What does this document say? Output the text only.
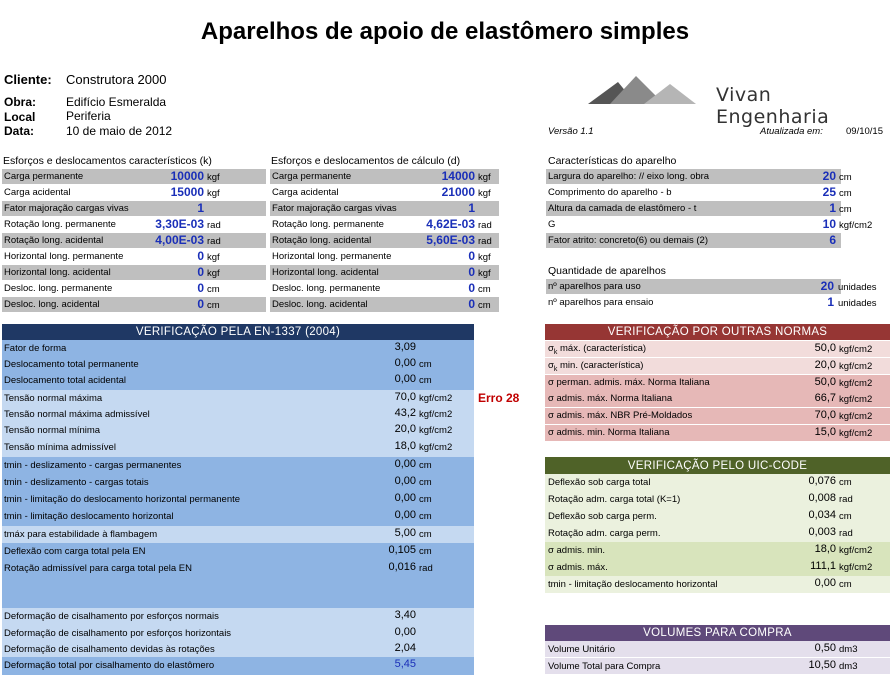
Aparelhos de apoio de elastômero simples
Cliente: Construtora 2000
Obra: Edifício Esmeralda
Local	Periferia
Data:	10 de maio de 2012
Vivan Engenharia
Versão 1.1	Atualizada em: 09/10/15
Esforços e deslocamentos característicos (k)	Esforços e deslocamentos de cálculo (d)	Características do aparelho
Quantidade de aparelhos
Carga permanente	10000 kgf
Carga acidental	15000 kgf
Fator majoração cargas vivas	1
Rotação long. permanente	3,30E-03 rad
Rotação long. acidental	4,00E-03 rad
Horizontal long. permanente	0 kgf
Horizontal long. acidental	0 kgf
Desloc. long. permanente	0 cm
Desloc. long. acidental	0 cm
Carga permanente	14000 kgf
Carga acidental	21000 kgf
Fator majoração cargas vivas	1
Rotação long. permanente	4,62E-03 rad
Rotação long. acidental	5,60E-03 rad
Horizontal long. permanente	0 kgf
Horizontal long. acidental	0 kgf
Desloc. long. permanente	0 cm
Desloc. long. acidental	0 cm
Largura do aparelho: // eixo long. obra	20 cm
Comprimento do aparelho - b	25 cm
Altura da camada de elastômero - t	1 cm
G	10 kgf/cm2
Fator atrito: concreto(6) ou demais (2)	6
nº aparelhos para uso	20 unidades
nº aparelhos para ensaio	1 unidades
VERIFICAÇÃO PELA EN-1337 (2004)
Fator de forma	3,09
Deslocamento total permanente	0,00 cm
Deslocamento total acidental	0,00 cm
Tensão normal máxima	70,0 kgf/cm2
Tensão normal máxima admissível	43,2 kgf/cm2
Tensão normal mínima	20,0 kgf/cm2
Tensão mínima admissível	18,0 kgf/cm2
tmin - deslizamento - cargas permanentes	0,00 cm
tmin - deslizamento - cargas totais	0,00 cm
tmin - limitação do deslocamento horizontal permanente	0,00 cm
tmin - limitação deslocamento horizontal	0,00 cm
tmáx para estabilidade à flambagem	5,00 cm
Deflexão com carga total pela EN	0,105 cm
Rotação admissível para carga total pela EN	0,016 rad
Deformação de cisalhamento por esforços normais	3,40
Deformação de cisalhamento por esforços horizontais	0,00
Deformação de cisalhamento devidas às rotações	2,04
Deformação total por cisalhamento do elastômero	5,45
Erro 28
VERIFICAÇÃO POR OUTRAS NORMAS
$\sigma_k$ máx. (característica)	50,0 kgf/cm2
$\sigma_k$ min. (característica)	20,0 kgf/cm2
σ perman. admis. máx. Norma Italiana	50,0 kgf/cm2
σ admis. máx. Norma Italiana	66,7 kgf/cm2
σ admis. máx. NBR Pré-Moldados	70,0 kgf/cm2
σ admis. min. Norma Italiana	15,0 kgf/cm2
VERIFICAÇÃO PELO UIC-CODE
Deflexão sob carga total	0,076 cm
Rotação adm. carga total (K=1)	0,008 rad
Deflexão sob carga perm.	0,034 cm
Rotação adm. carga perm.	0,003 rad
σ admis. min.	18,0 kgf/cm2
σ admis. máx.	111,1 kgf/cm2
tmin - limitação deslocamento horizontal	0,00 cm
VOLUMES PARA COMPRA
Volume Unitário	0,50 dm3
Volume Total para Compra	10,50 dm3
